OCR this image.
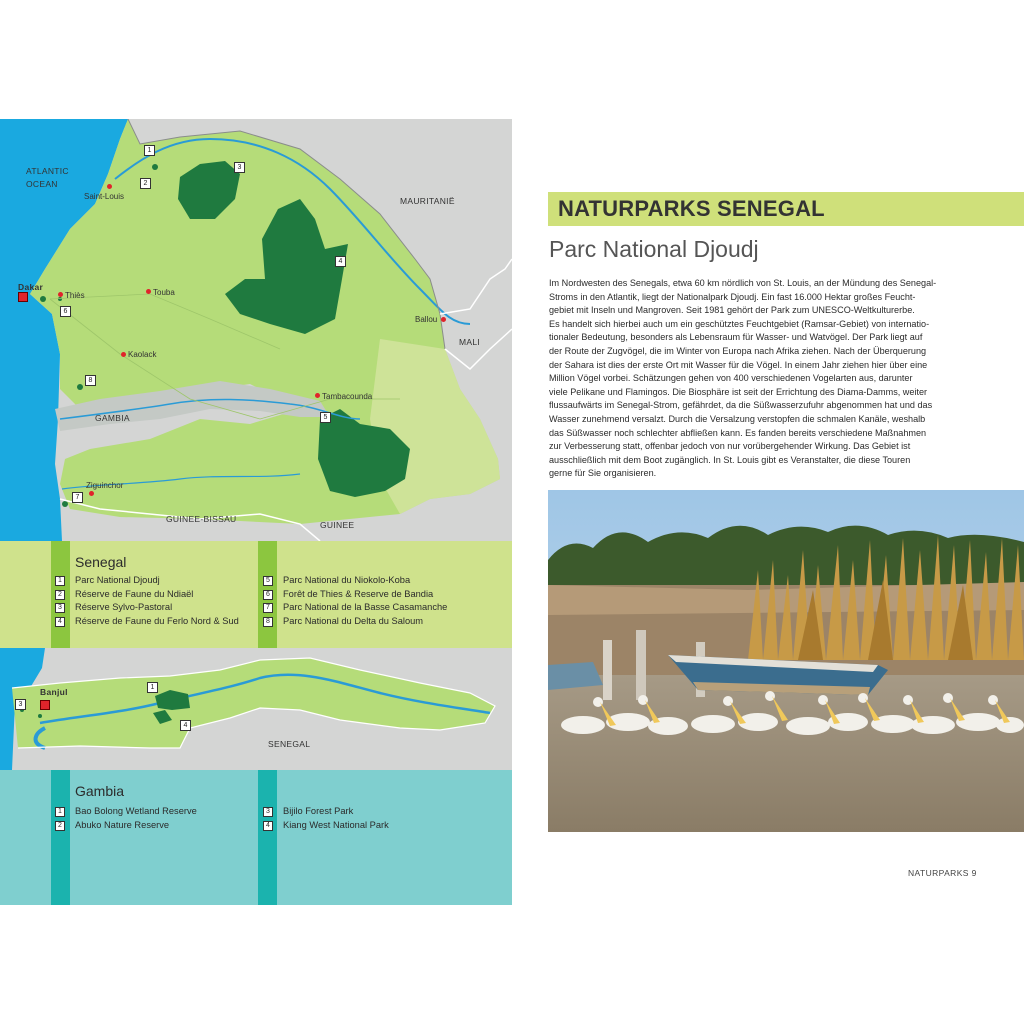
Saint-Louis
Dakar
Thiès	Touba
Kaolack
Ballou
Tambacounda
Ziguinchor
ATLANTIC
OCEAN
MAURITANIË
MALI
GAMBIA
GUINEE-BISSAU
GUINEE
1
2
3
4
5
6
7
8
Senegal
1	Parc National Djoudj
2	Réserve de Faune du Ndiaël
3	Réserve Sylvo-Pastoral
4	Réserve de Faune du Ferlo Nord & Sud
5	Parc National du Niokolo-Koba
6	Forêt de Thies & Reserve de Bandia
7	Parc National de la Basse Casamanche
8	Parc National du Delta du Saloum
Banjul
SENEGAL
1
3
4
Gambia
1	Bao Bolong Wetland Reserve
2	Abuko Nature Reserve
3	Bijilo Forest Park
4	Kiang West National Park
NATURPARKS SENEGAL
Parc National Djoudj

Im Nordwesten des Senegals, etwa 60 km nördlich von St. Louis, an der Mündung des Senegal-

Stroms in den Atlantik, liegt der Nationalpark Djoudj. Ein fast 16.000 Hektar großes Feucht-

gebiet mit Inseln und Mangroven. Seit 1981 gehört der Park zum UNESCO-Weltkulturerbe.

Es handelt sich hierbei auch um ein geschütztes Feuchtgebiet (Ramsar-Gebiet) von internatio-

tionaler Bedeutung, besonders als Lebensraum für Wasser- und Watvögel. Der Park liegt auf

der Route der Zugvögel, die im Winter von Europa nach Afrika ziehen. Nach der Überquerung

der Sahara ist dies der erste Ort mit Wasser für die Vögel. In einem Jahr ziehen hier über eine

Million Vögel vorbei. Schätzungen gehen von 400 verschiedenen Vogelarten aus, darunter

viele Pelikane und Flamingos. Die Biosphäre ist seit der Errichtung des Diama-Damms, weiter

flussaufwärts im Senegal-Strom, gefährdet, da die Süßwasserzufuhr abgenommen hat und das

Wasser zunehmend versalzt. Durch die Versalzung verstopfen die schmalen Kanäle, weshalb

das Süßwasser noch schlechter abfließen kann. Es fanden bereits verschiedene Maßnahmen

zur Verbesserung statt, offenbar jedoch von nur vorübergehender Wirkung. Das Gebiet ist

ausschließlich mit dem Boot zugänglich. In St. Louis gibt es Veranstalter, die diese Touren

gerne für Sie organisieren.

NATURPARKS 9
